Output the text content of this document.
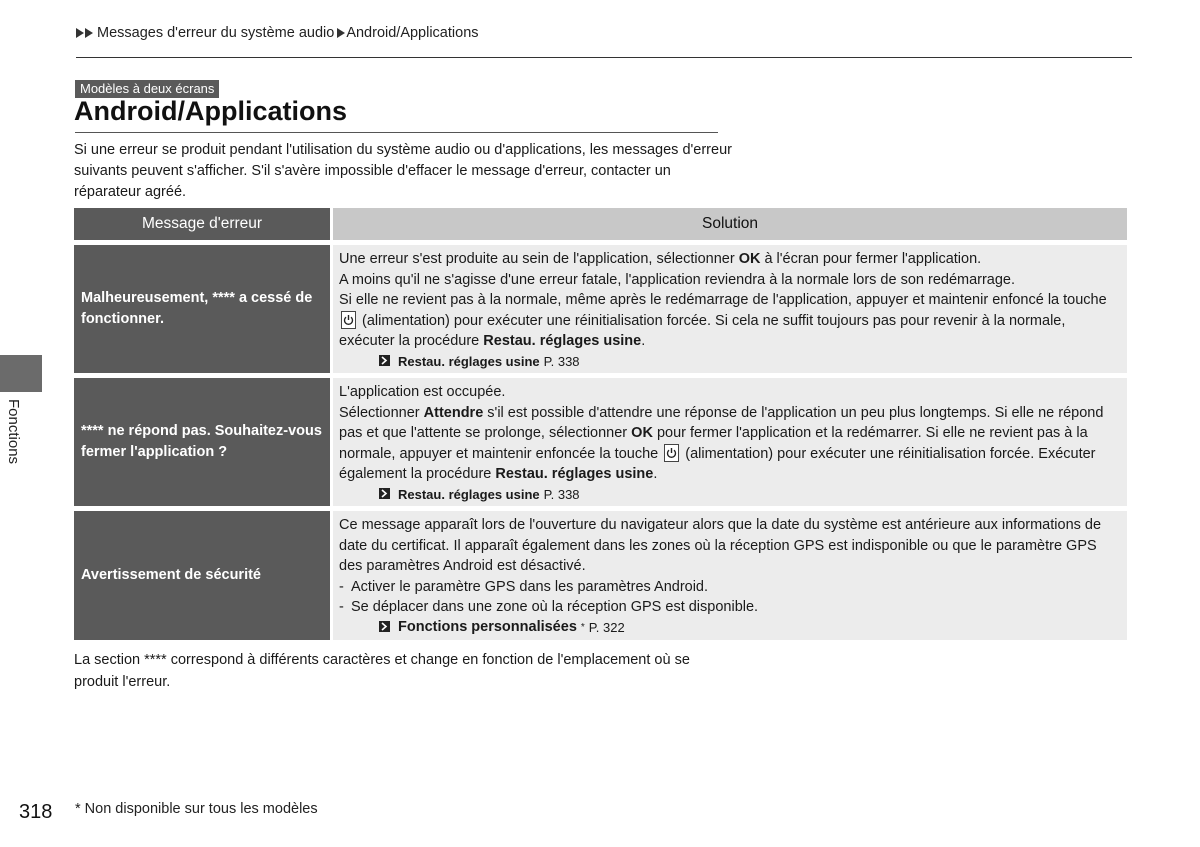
Messages d'erreur du système audio Android/Applications
Modèles à deux écrans
Android/Applications

Si une erreur se produit pendant l'utilisation du système audio ou d'applications, les messages d'erreur suivants peuvent s'afficher. S'il s'avère impossible d'effacer le message d'erreur, contacter un réparateur agréé.

Message d'erreur	Solution
Malheureusement, **** a cessé de fonctionner.

Une erreur s'est produite au sein de l'application, sélectionner OK à l'écran pour fermer l'application.

A moins qu'il ne s'agisse d'une erreur fatale, l'application reviendra à la normale lors de son redémarrage.

Si elle ne revient pas à la normale, même après le redémarrage de l'application, appuyer et maintenir enfoncé la touche
(alimentation) pour exécuter une réinitialisation forcée. Si cela ne suffit toujours pas pour revenir à la normale, exécuter la procédure Restau. réglages usine.

Restau. réglages usine P. 338
**** ne répond pas. Souhaitez-vous fermer l'application ?

L'application est occupée.

Sélectionner Attendre s'il est possible d'attendre une réponse de l'application un peu plus longtemps. Si elle ne répond pas et que l'attente se prolonge, sélectionner OK pour fermer l'application et la redémarrer. Si elle ne revient pas à la normale, appuyer et maintenir enfoncée la touche
(alimentation) pour exécuter une réinitialisation forcée. Exécuter également la procédure Restau. réglages usine.

Restau. réglages usine P. 338
Avertissement de sécurité

Ce message apparaît lors de l'ouverture du navigateur alors que la date du système est antérieure aux informations de date du certificat. Il apparaît également dans les zones où la réception GPS est indisponible ou que le paramètre GPS des paramètres Android est désactivé.

- Activer le paramètre GPS dans les paramètres Android.
- Se déplacer dans une zone où la réception GPS est disponible.
Fonctions personnalisées * P. 322

La section **** correspond à différents caractères et change en fonction de l'emplacement où se produit l'erreur.

Fonctions
318 * Non disponible sur tous les modèles
